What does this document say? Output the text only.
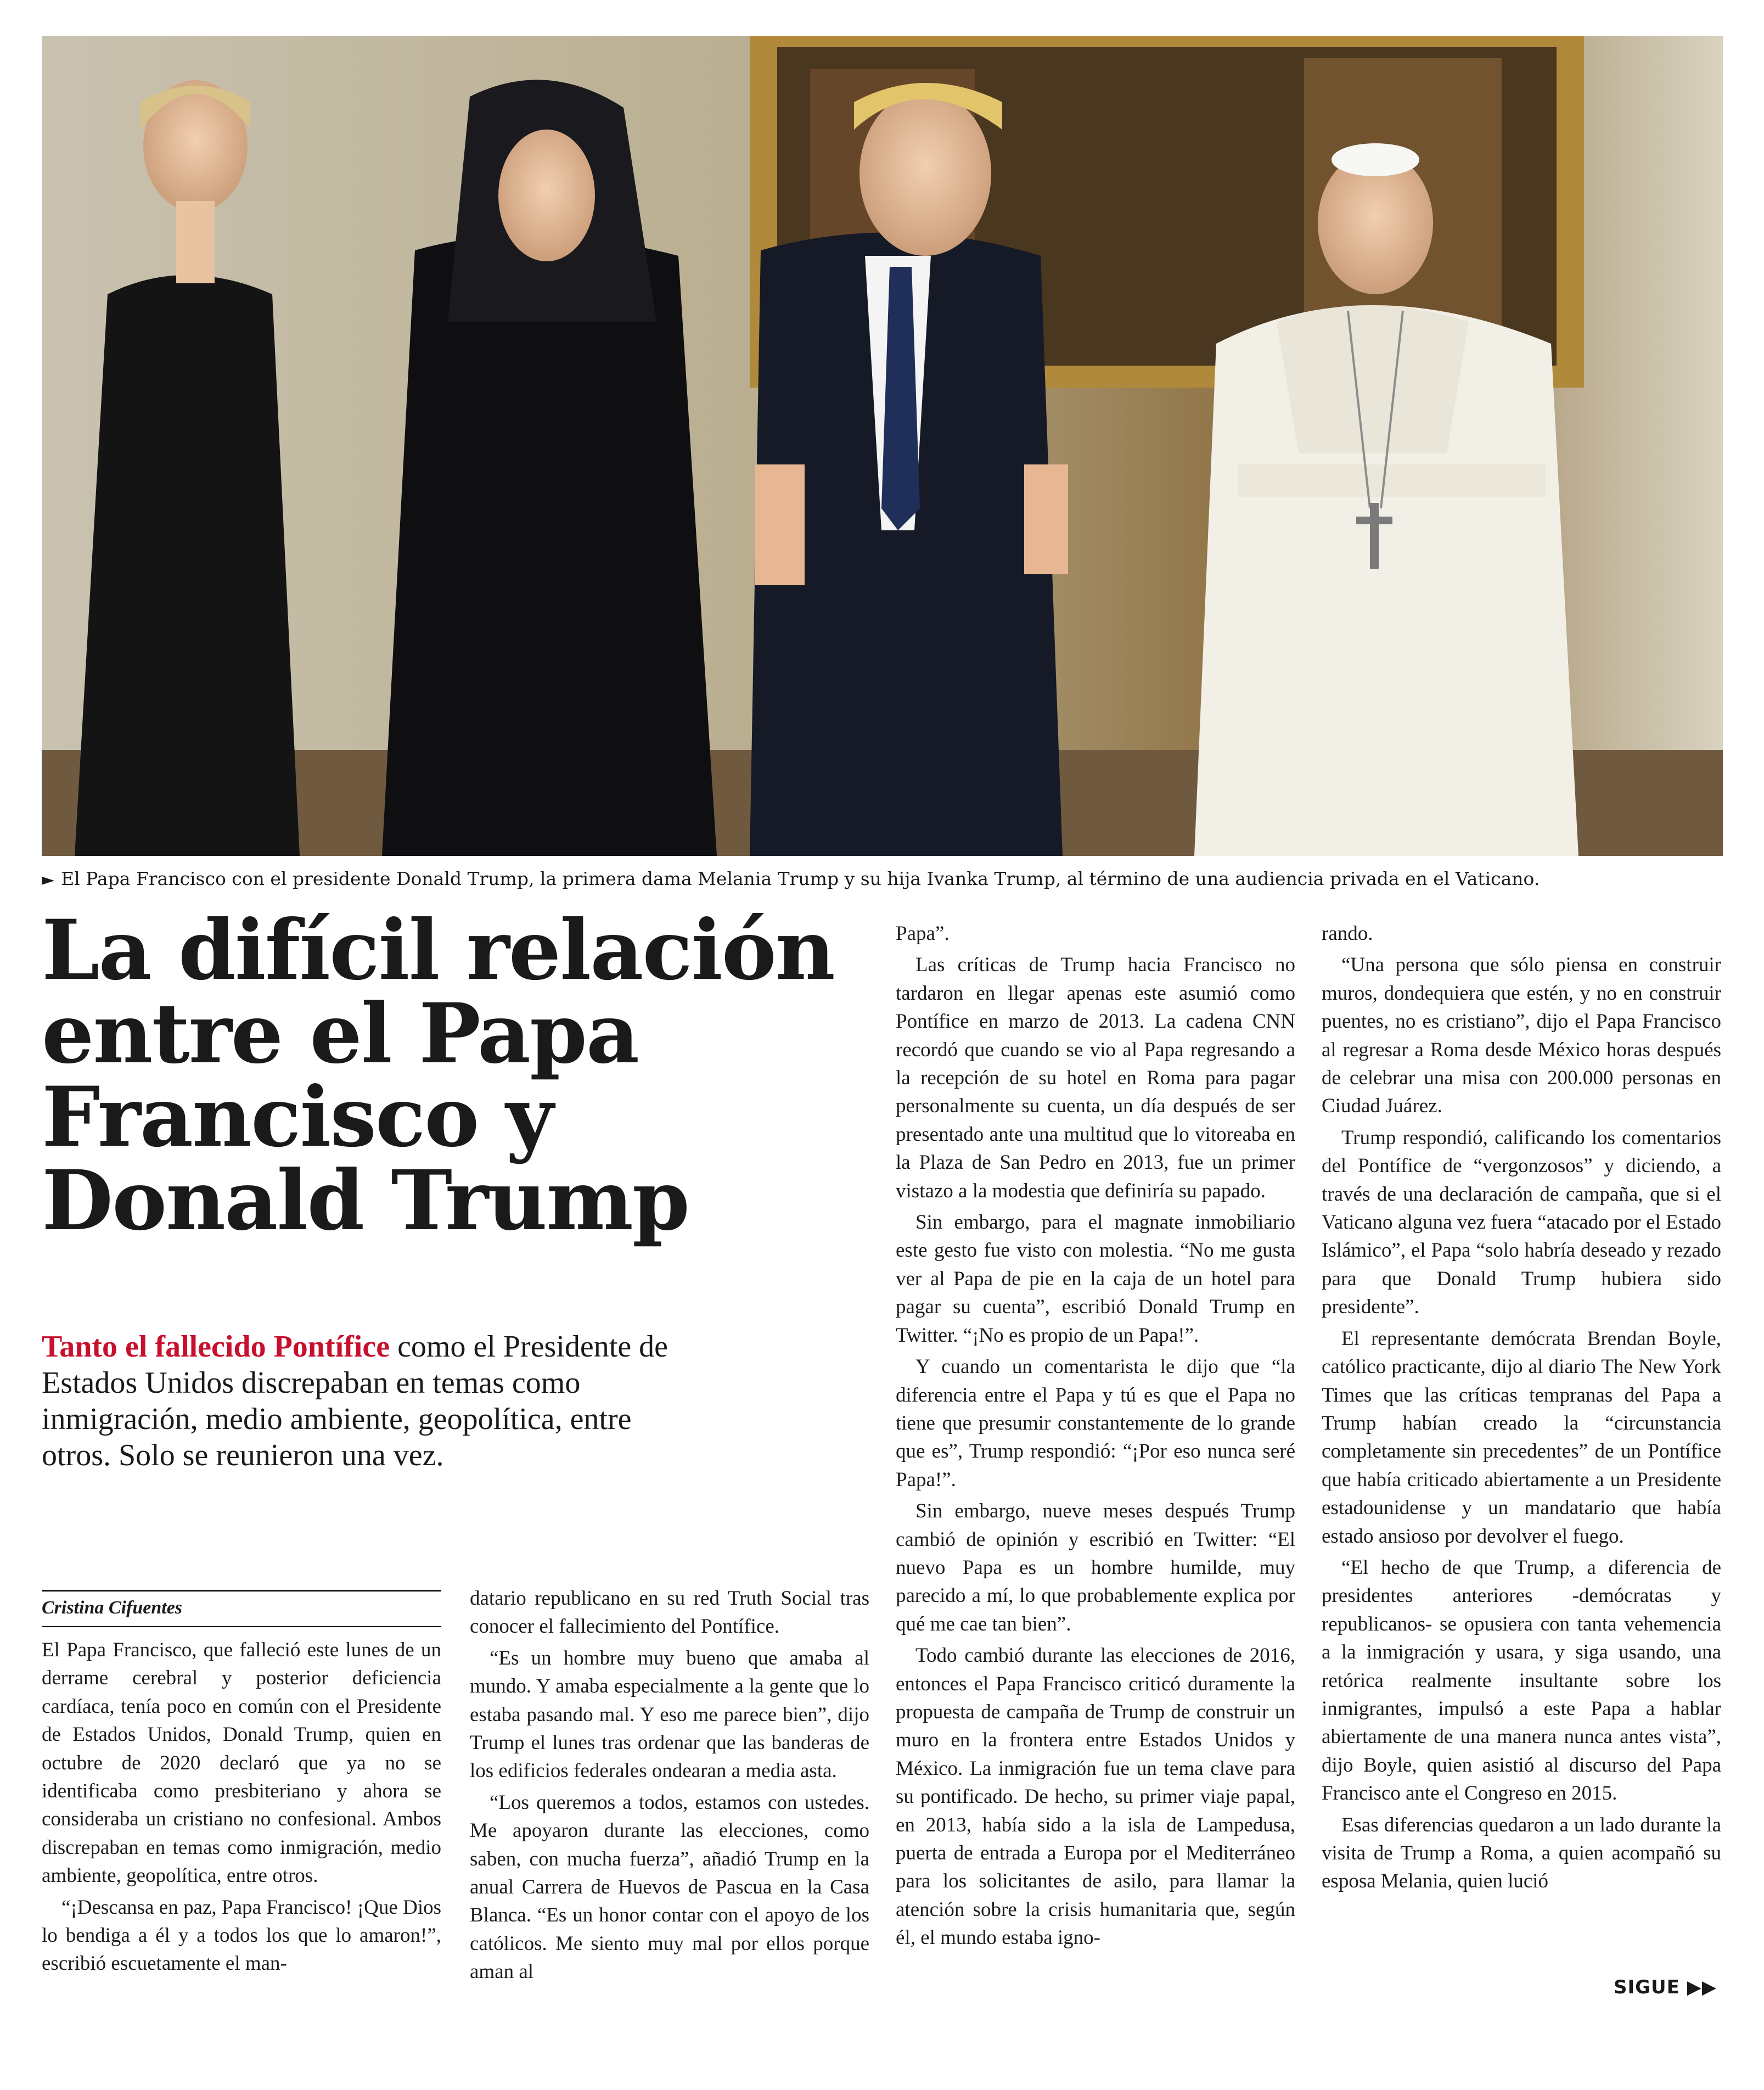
► El Papa Francisco con el presidente Donald Trump, la primera dama Melania Trump y su hija Ivanka Trump, al término de una audiencia privada en el Vaticano.
La difícil relación entre el Papa Francisco y Donald Trump
Tanto el fallecido Pontífice como el Presidente de Estados Unidos discrepaban en temas como inmigración, medio ambiente, geopolítica, entre otros. Solo se reunieron una vez.
Cristina Cifuentes

El Papa Francisco, que falleció este lunes de un derrame cerebral y posterior deficiencia cardíaca, tenía poco en común con el Presidente de Estados Unidos, Donald Trump, quien en octubre de 2020 declaró que ya no se identificaba como presbiteriano y ahora se consideraba un cristiano no confesional. Ambos discrepaban en temas como inmigración, medio ambiente, geopolítica, entre otros.

“¡Descansa en paz, Papa Francisco! ¡Que Dios lo bendiga a él y a todos los que lo amaron!”, escribió escuetamente el man-

datario republicano en su red Truth Social tras conocer el fallecimiento del Pontífice.

“Es un hombre muy bueno que amaba al mundo. Y amaba especialmente a la gente que lo estaba pasando mal. Y eso me parece bien”, dijo Trump el lunes tras ordenar que las banderas de los edificios federales ondearan a media asta.

“Los queremos a todos, estamos con ustedes. Me apoyaron durante las elecciones, como saben, con mucha fuerza”, añadió Trump en la anual Carrera de Huevos de Pascua en la Casa Blanca. “Es un honor contar con el apoyo de los católicos. Me siento muy mal por ellos porque aman al

Papa”.

Las críticas de Trump hacia Francisco no tardaron en llegar apenas este asumió como Pontífice en marzo de 2013. La cadena CNN recordó que cuando se vio al Papa regresando a la recepción de su hotel en Roma para pagar personalmente su cuenta, un día después de ser presentado ante una multitud que lo vitoreaba en la Plaza de San Pedro en 2013, fue un primer vistazo a la modestia que definiría su papado.

Sin embargo, para el magnate inmobiliario este gesto fue visto con molestia. “No me gusta ver al Papa de pie en la caja de un hotel para pagar su cuenta”, escribió Donald Trump en Twitter. “¡No es propio de un Papa!”.

Y cuando un comentarista le dijo que “la diferencia entre el Papa y tú es que el Papa no tiene que presumir constantemente de lo grande que es”, Trump respondió: “¡Por eso nunca seré Papa!”.

Sin embargo, nueve meses después Trump cambió de opinión y escribió en Twitter: “El nuevo Papa es un hombre humilde, muy parecido a mí, lo que probablemente explica por qué me cae tan bien”.

Todo cambió durante las elecciones de 2016, entonces el Papa Francisco criticó duramente la propuesta de campaña de Trump de construir un muro en la frontera entre Estados Unidos y México. La inmigración fue un tema clave para su pontificado. De hecho, su primer viaje papal, en 2013, había sido a la isla de Lampedusa, puerta de entrada a Europa por el Mediterráneo para los solicitantes de asilo, para llamar la atención sobre la crisis humanitaria que, según él, el mundo estaba igno-

rando.

“Una persona que sólo piensa en construir muros, dondequiera que estén, y no en construir puentes, no es cristiano”, dijo el Papa Francisco al regresar a Roma desde México horas después de celebrar una misa con 200.000 personas en Ciudad Juárez.

Trump respondió, calificando los comentarios del Pontífice de “vergonzosos” y diciendo, a través de una declaración de campaña, que si el Vaticano alguna vez fuera “atacado por el Estado Islámico”, el Papa “solo habría deseado y rezado para que Donald Trump hubiera sido presidente”.

El representante demócrata Brendan Boyle, católico practicante, dijo al diario The New York Times que las críticas tempranas del Papa a Trump habían creado la “circunstancia completamente sin precedentes” de un Pontífice que había criticado abiertamente a un Presidente estadounidense y un mandatario que había estado ansioso por devolver el fuego.

“El hecho de que Trump, a diferencia de presidentes anteriores -demócratas y republicanos- se opusiera con tanta vehemencia a la inmigración y usara, y siga usando, una retórica realmente insultante sobre los inmigrantes, impulsó a este Papa a hablar abiertamente de una manera nunca antes vista”, dijo Boyle, quien asistió al discurso del Papa Francisco ante el Congreso en 2015.

Esas diferencias quedaron a un lado durante la visita de Trump a Roma, a quien acompañó su esposa Melania, quien lució

SIGUE ▶▶
